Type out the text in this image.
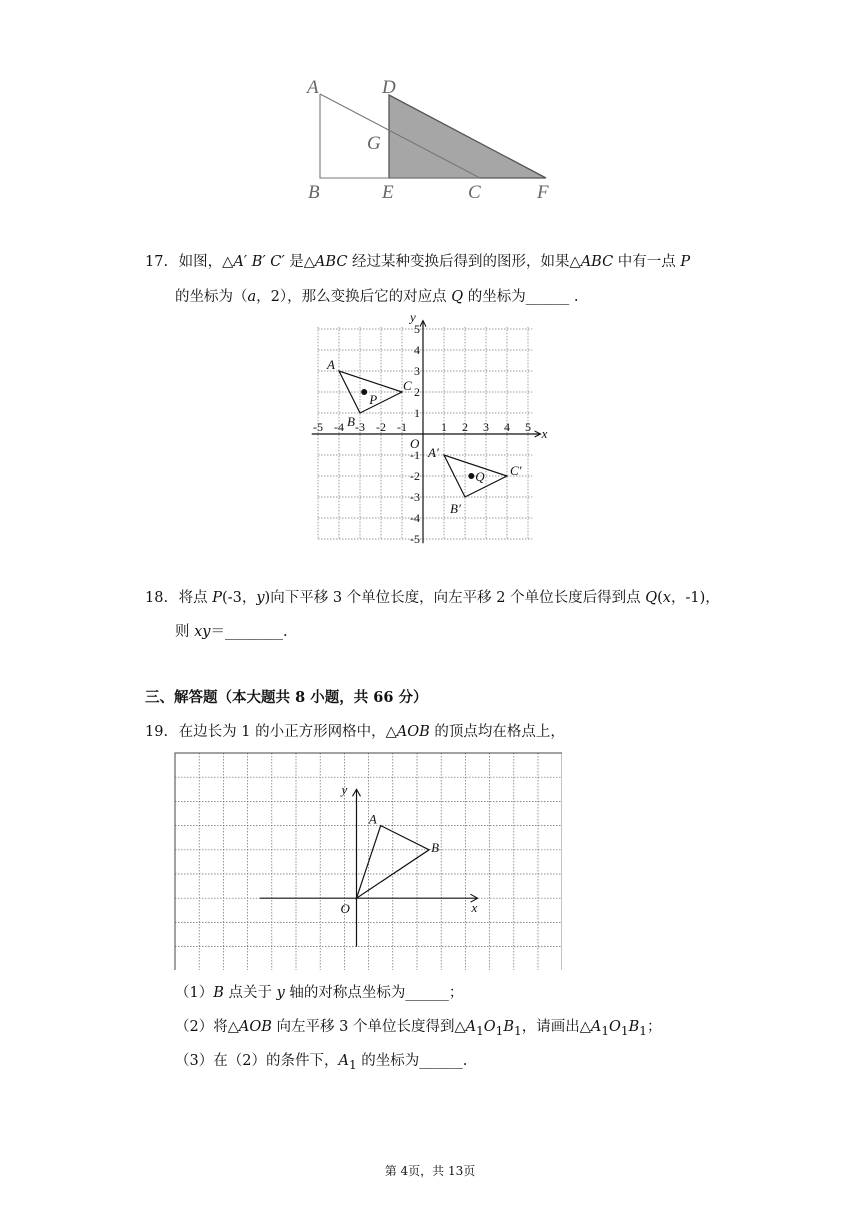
A	D
G
B	E	C	F
17. 如图，△A′ B′ C′ 是△ABC 经过某种变换后得到的图形，如果△ABC 中有一点 P
的坐标为（a，2），那么变换后它的对应点 Q 的坐标为______ .
x
y
O
-5 -4 -3 -2 -1	1 2 3 4 5
5
4
3
2
1
-1
-2
-3
-4
-5
A
B
C
P
A′
B′
C′
Q
18. 将点 P(-3，y)向下平移 3 个单位长度，向左平移 2 个单位长度后得到点 Q(x，-1)，
则 xy＝________.
三、解答题（本大题共 8 小题，共 66 分）
19. 在边长为 1 的小正方形网格中，△AOB 的顶点均在格点上，
x
y
O
A
B
（1）B 点关于 y 轴的对称点坐标为______；
（2）将△AOB 向左平移 3 个单位长度得到$\triangle A_1O_1B_1$，请画出$\triangle A_1O_1B_1$；
（3）在（2）的条件下，$A_1$ 的坐标为______.
第 4页，共 13页
